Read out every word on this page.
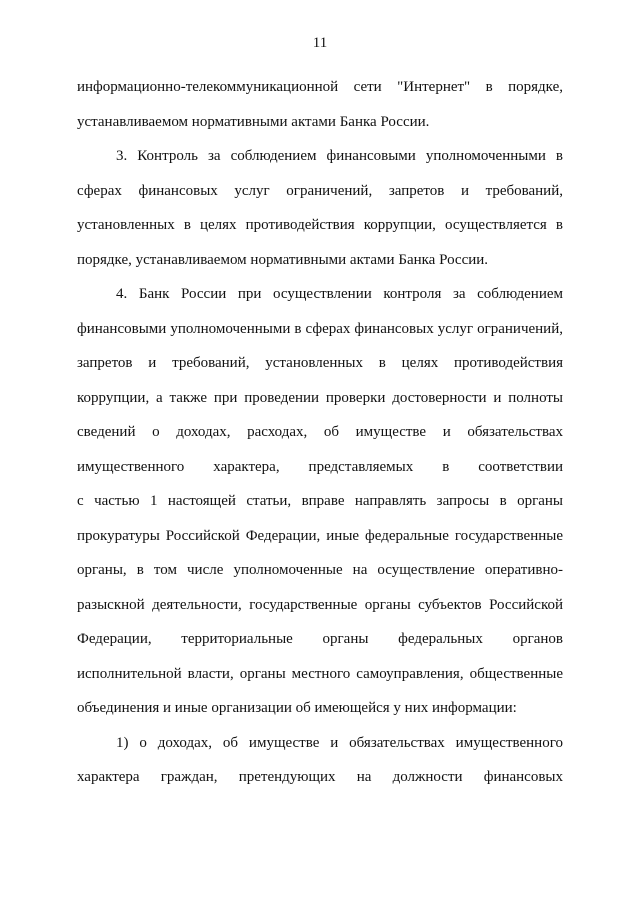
11

информационно-телекоммуникационной сети "Интернет" в порядке,
устанавливаемом нормативными актами Банка России.

3. Контроль за соблюдением финансовыми уполномоченными в
сферах финансовых услуг ограничений, запретов и требований,
установленных в целях противодействия коррупции, осуществляется в
порядке, устанавливаемом нормативными актами Банка России.

4. Банк России при осуществлении контроля за соблюдением
финансовыми уполномоченными в сферах финансовых услуг ограничений,
запретов и требований, установленных в целях противодействия
коррупции, а также при проведении проверки достоверности и полноты
сведений о доходах, расходах, об имуществе и обязательствах
имущественного характера, представляемых в соответствии
с частью 1 настоящей статьи, вправе направлять запросы в органы
прокуратуры Российской Федерации, иные федеральные государственные
органы, в том числе уполномоченные на осуществление оперативно-
разыскной деятельности, государственные органы субъектов Российской
Федерации, территориальные органы федеральных органов
исполнительной власти, органы местного самоуправления, общественные
объединения и иные организации об имеющейся у них информации:

1) о доходах, об имуществе и обязательствах имущественного
характера граждан, претендующих на должности финансовых
